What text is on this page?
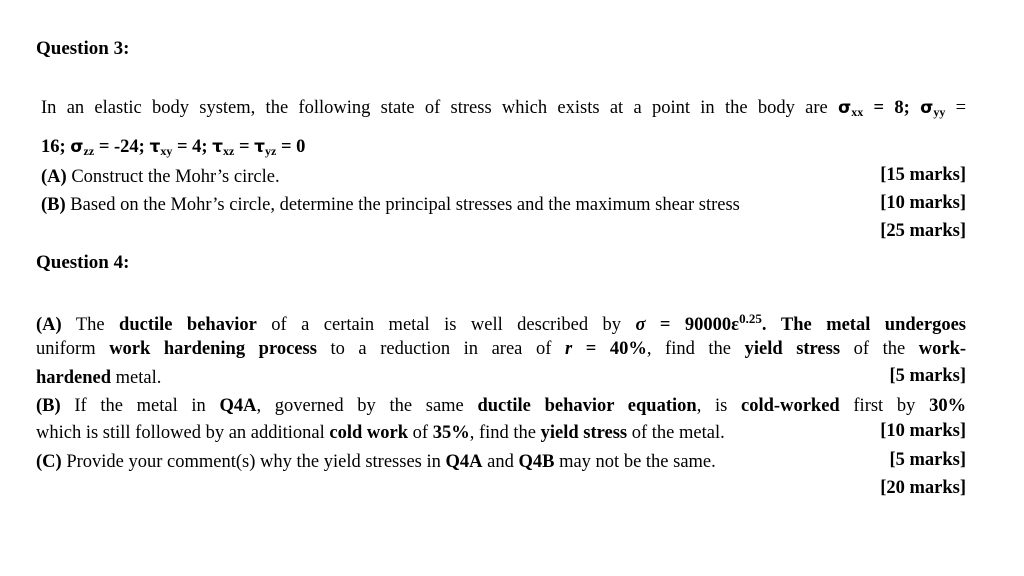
Question 3:
In an elastic body system, the following state of stress which exists at a point in the body are $\sigma_{xx} = 8$; $\sigma_{yy}$ =
16; $\sigma_{zz} = -24$; $\tau_{xy} = 4$; $\tau_{xz} = \tau_{yz} = 0$
(A) Construct the Mohr’s circle.	[15 marks]
(B) Based on the Mohr’s circle, determine the principal stresses and the maximum shear stress	[10 marks]
[25 marks]
Question 4:
(A) The ductile behavior of a certain metal is well described by $\sigma = 90000\varepsilon^{0.25}$. The metal undergoes
uniform work hardening process to a reduction in area of r = 40%, find the yield stress of the work-
hardened metal.	[5 marks]
(B) If the metal in Q4A, governed by the same ductile behavior equation, is cold-worked first by 30%
which is still followed by an additional cold work of 35%, find the yield stress of the metal.	[10 marks]
(C) Provide your comment(s) why the yield stresses in Q4A and Q4B may not be the same.	[5 marks]
[20 marks]
